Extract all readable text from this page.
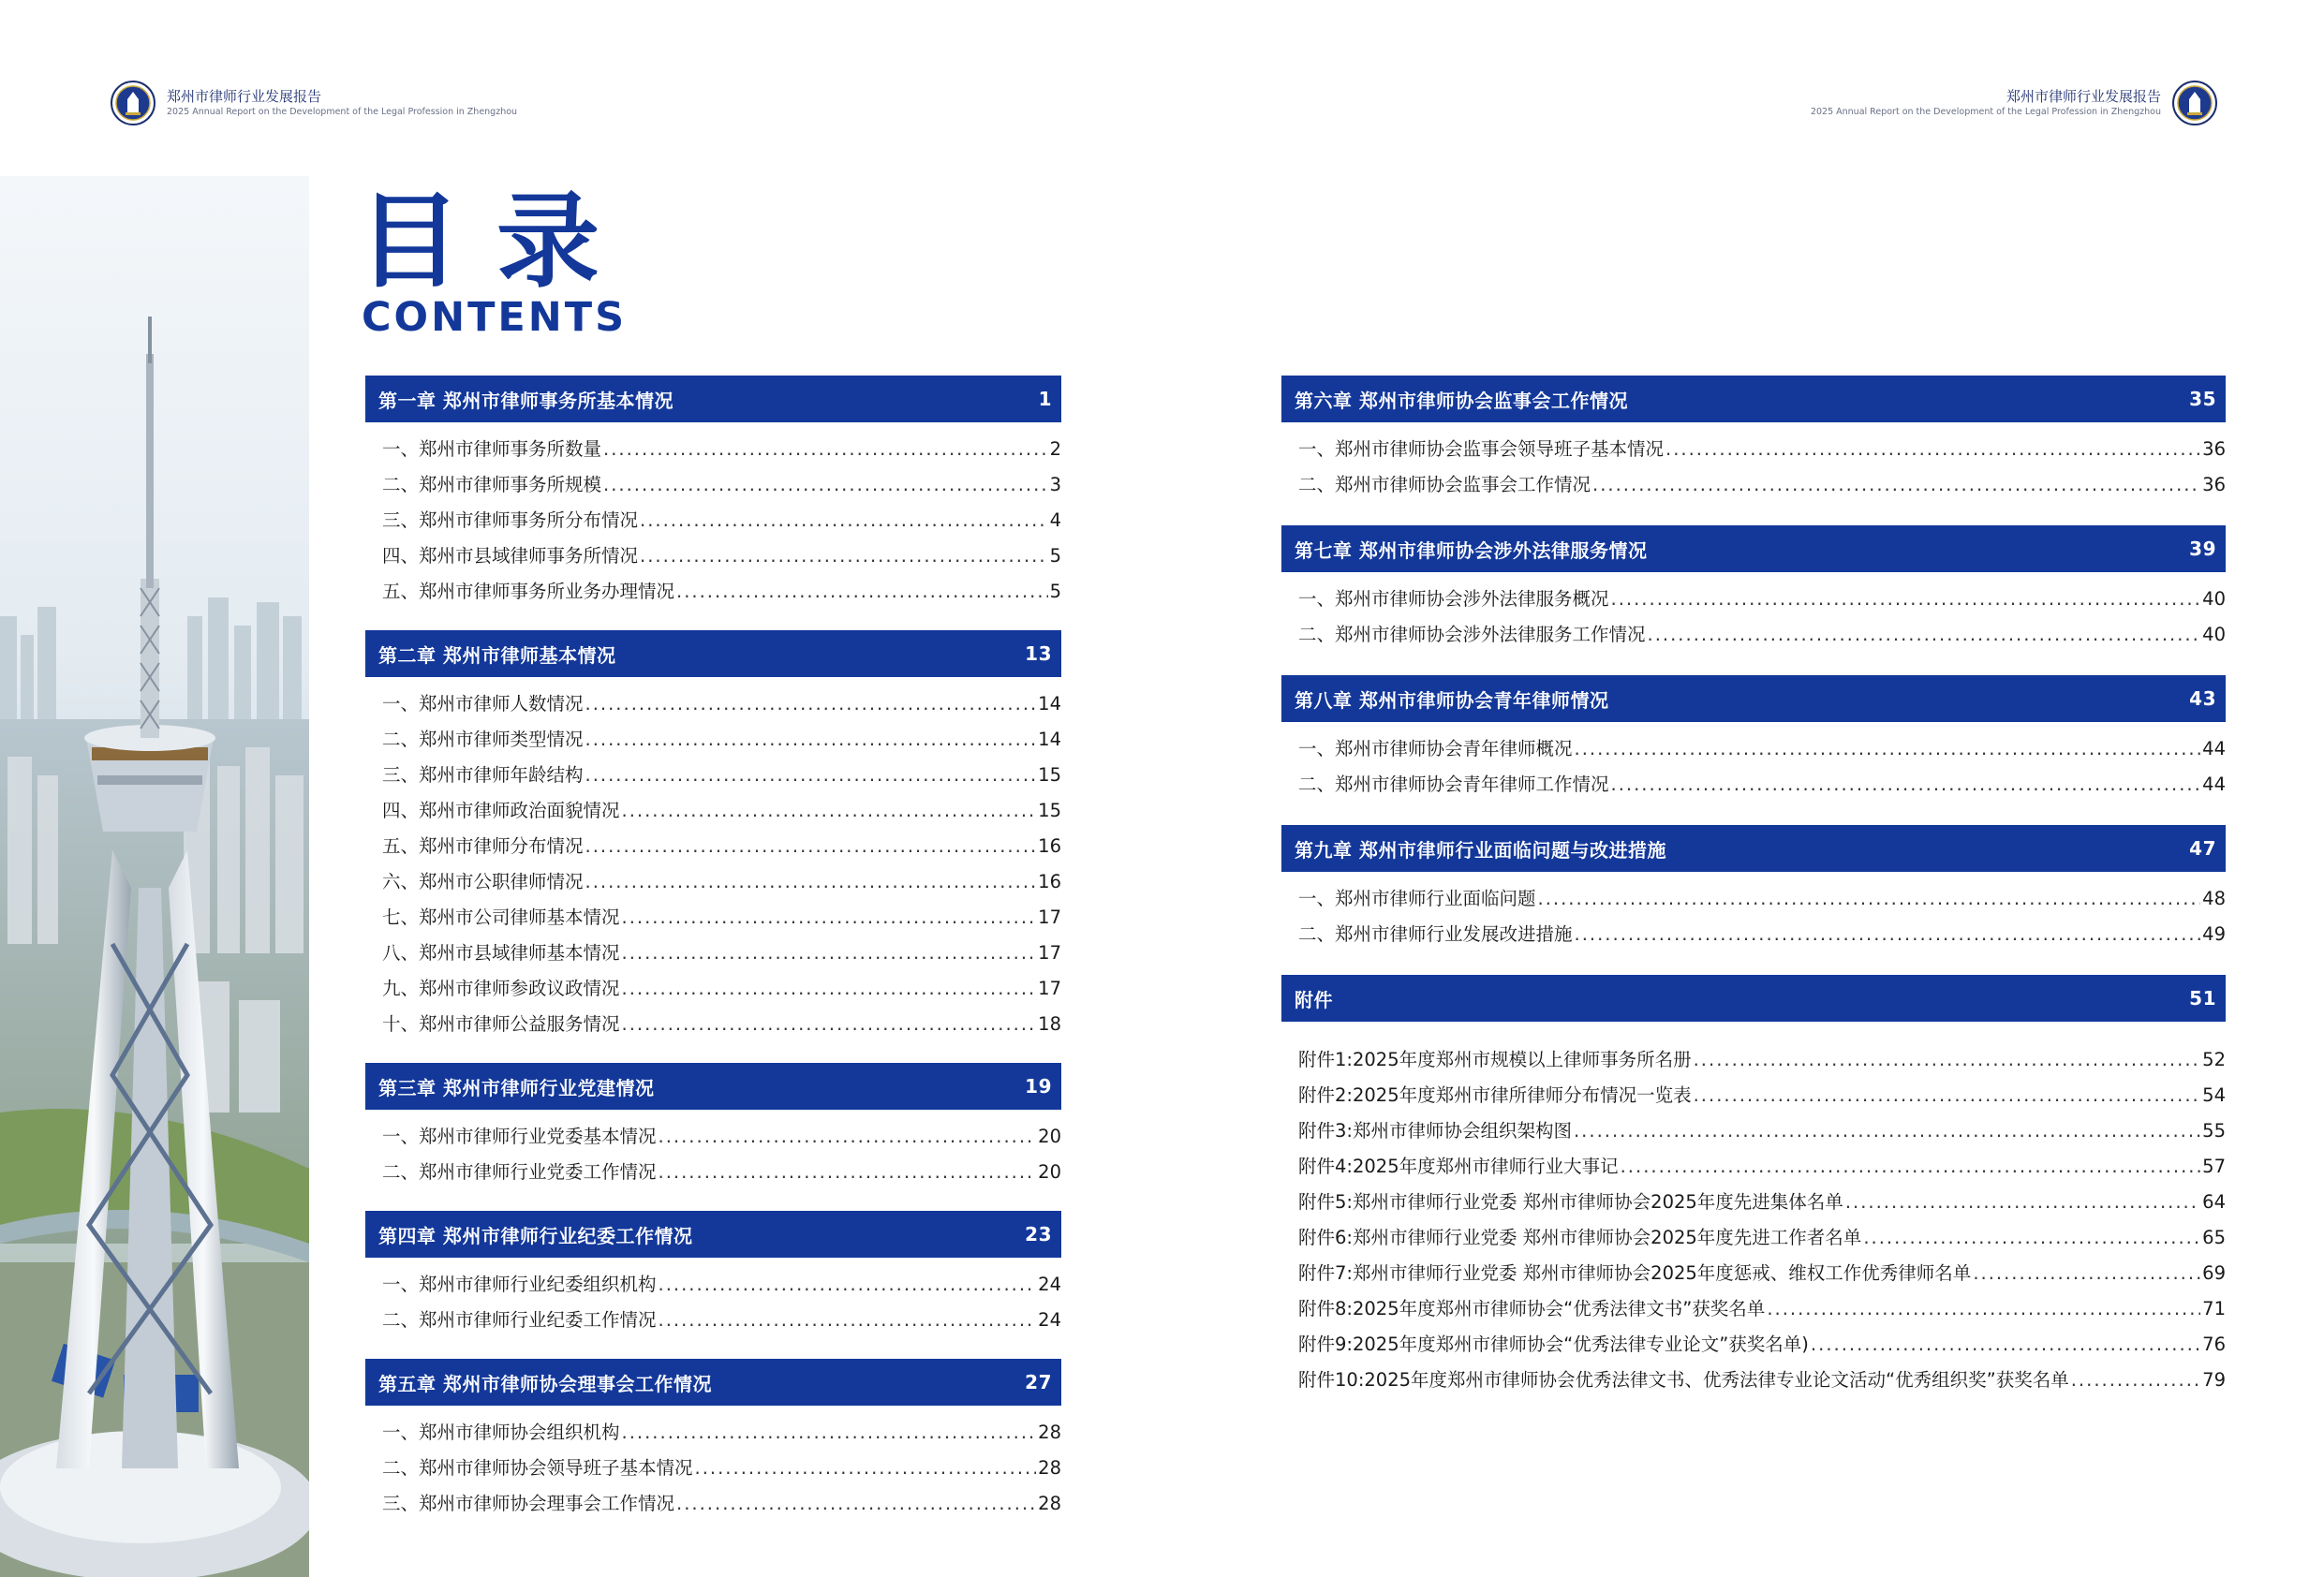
郑州市律师行业发展报告
2025 Annual Report on the Development of the Legal Profession in Zhengzhou
郑州市律师行业发展报告
2025 Annual Report on the Development of the Legal Profession in Zhengzhou
目录
CONTENTS
第一章 郑州市律师事务所基本情况	1
一、郑州市律师事务所数量 .....	2
二、郑州市律师事务所规模 .....	3
三、郑州市律师事务所分布情况 .....	4
四、郑州市县域律师事务所情况 .....	5
五、郑州市律师事务所业务办理情况 .....	5
第二章 郑州市律师基本情况	13
一、郑州市律师人数情况 .....	14
二、郑州市律师类型情况 .....	14
三、郑州市律师年龄结构 .....	15
四、郑州市律师政治面貌情况 .....	15
五、郑州市律师分布情况 .....	16
六、郑州市公职律师情况 .....	16
七、郑州市公司律师基本情况 .....	17
八、郑州市县域律师基本情况 .....	17
九、郑州市律师参政议政情况 .....	17
十、郑州市律师公益服务情况 .....	18
第三章 郑州市律师行业党建情况	19
一、郑州市律师行业党委基本情况 .....	20
二、郑州市律师行业党委工作情况 .....	20
第四章 郑州市律师行业纪委工作情况	23
一、郑州市律师行业纪委组织机构 .....	24
二、郑州市律师行业纪委工作情况 .....	24
第五章 郑州市律师协会理事会工作情况	27
一、郑州市律师协会组织机构 .....	28
二、郑州市律师协会领导班子基本情况 .....	28
三、郑州市律师协会理事会工作情况 .....	28
第六章 郑州市律师协会监事会工作情况	35
一、郑州市律师协会监事会领导班子基本情况 .....	36
二、郑州市律师协会监事会工作情况 .....	36
第七章 郑州市律师协会涉外法律服务情况	39
一、郑州市律师协会涉外法律服务概况 .....	40
二、郑州市律师协会涉外法律服务工作情况 .....	40
第八章 郑州市律师协会青年律师情况	43
一、郑州市律师协会青年律师概况 .....	44
二、郑州市律师协会青年律师工作情况 .....	44
第九章 郑州市律师行业面临问题与改进措施	47
一、郑州市律师行业面临问题 .....	48
二、郑州市律师行业发展改进措施 .....	49
附件	51
附件1:2025年度郑州市规模以上律师事务所名册 .....	52
附件2:2025年度郑州市律所律师分布情况一览表 .....	54
附件3:郑州市律师协会组织架构图 .....	55
附件4:2025年度郑州市律师行业大事记 .....	57
附件5:郑州市律师行业党委 郑州市律师协会2025年度先进集体名单 .....	64
附件6:郑州市律师行业党委 郑州市律师协会2025年度先进工作者名单 .....	65
附件7:郑州市律师行业党委 郑州市律师协会2025年度惩戒、维权工作优秀律师名单 .....	69
附件8:2025年度郑州市律师协会“优秀法律文书”获奖名单 .....	71
附件9:2025年度郑州市律师协会“优秀法律专业论文”获奖名单) .....	76
附件10:2025年度郑州市律师协会优秀法律文书、优秀法律专业论文活动“优秀组织奖”获奖名单 .....	79
